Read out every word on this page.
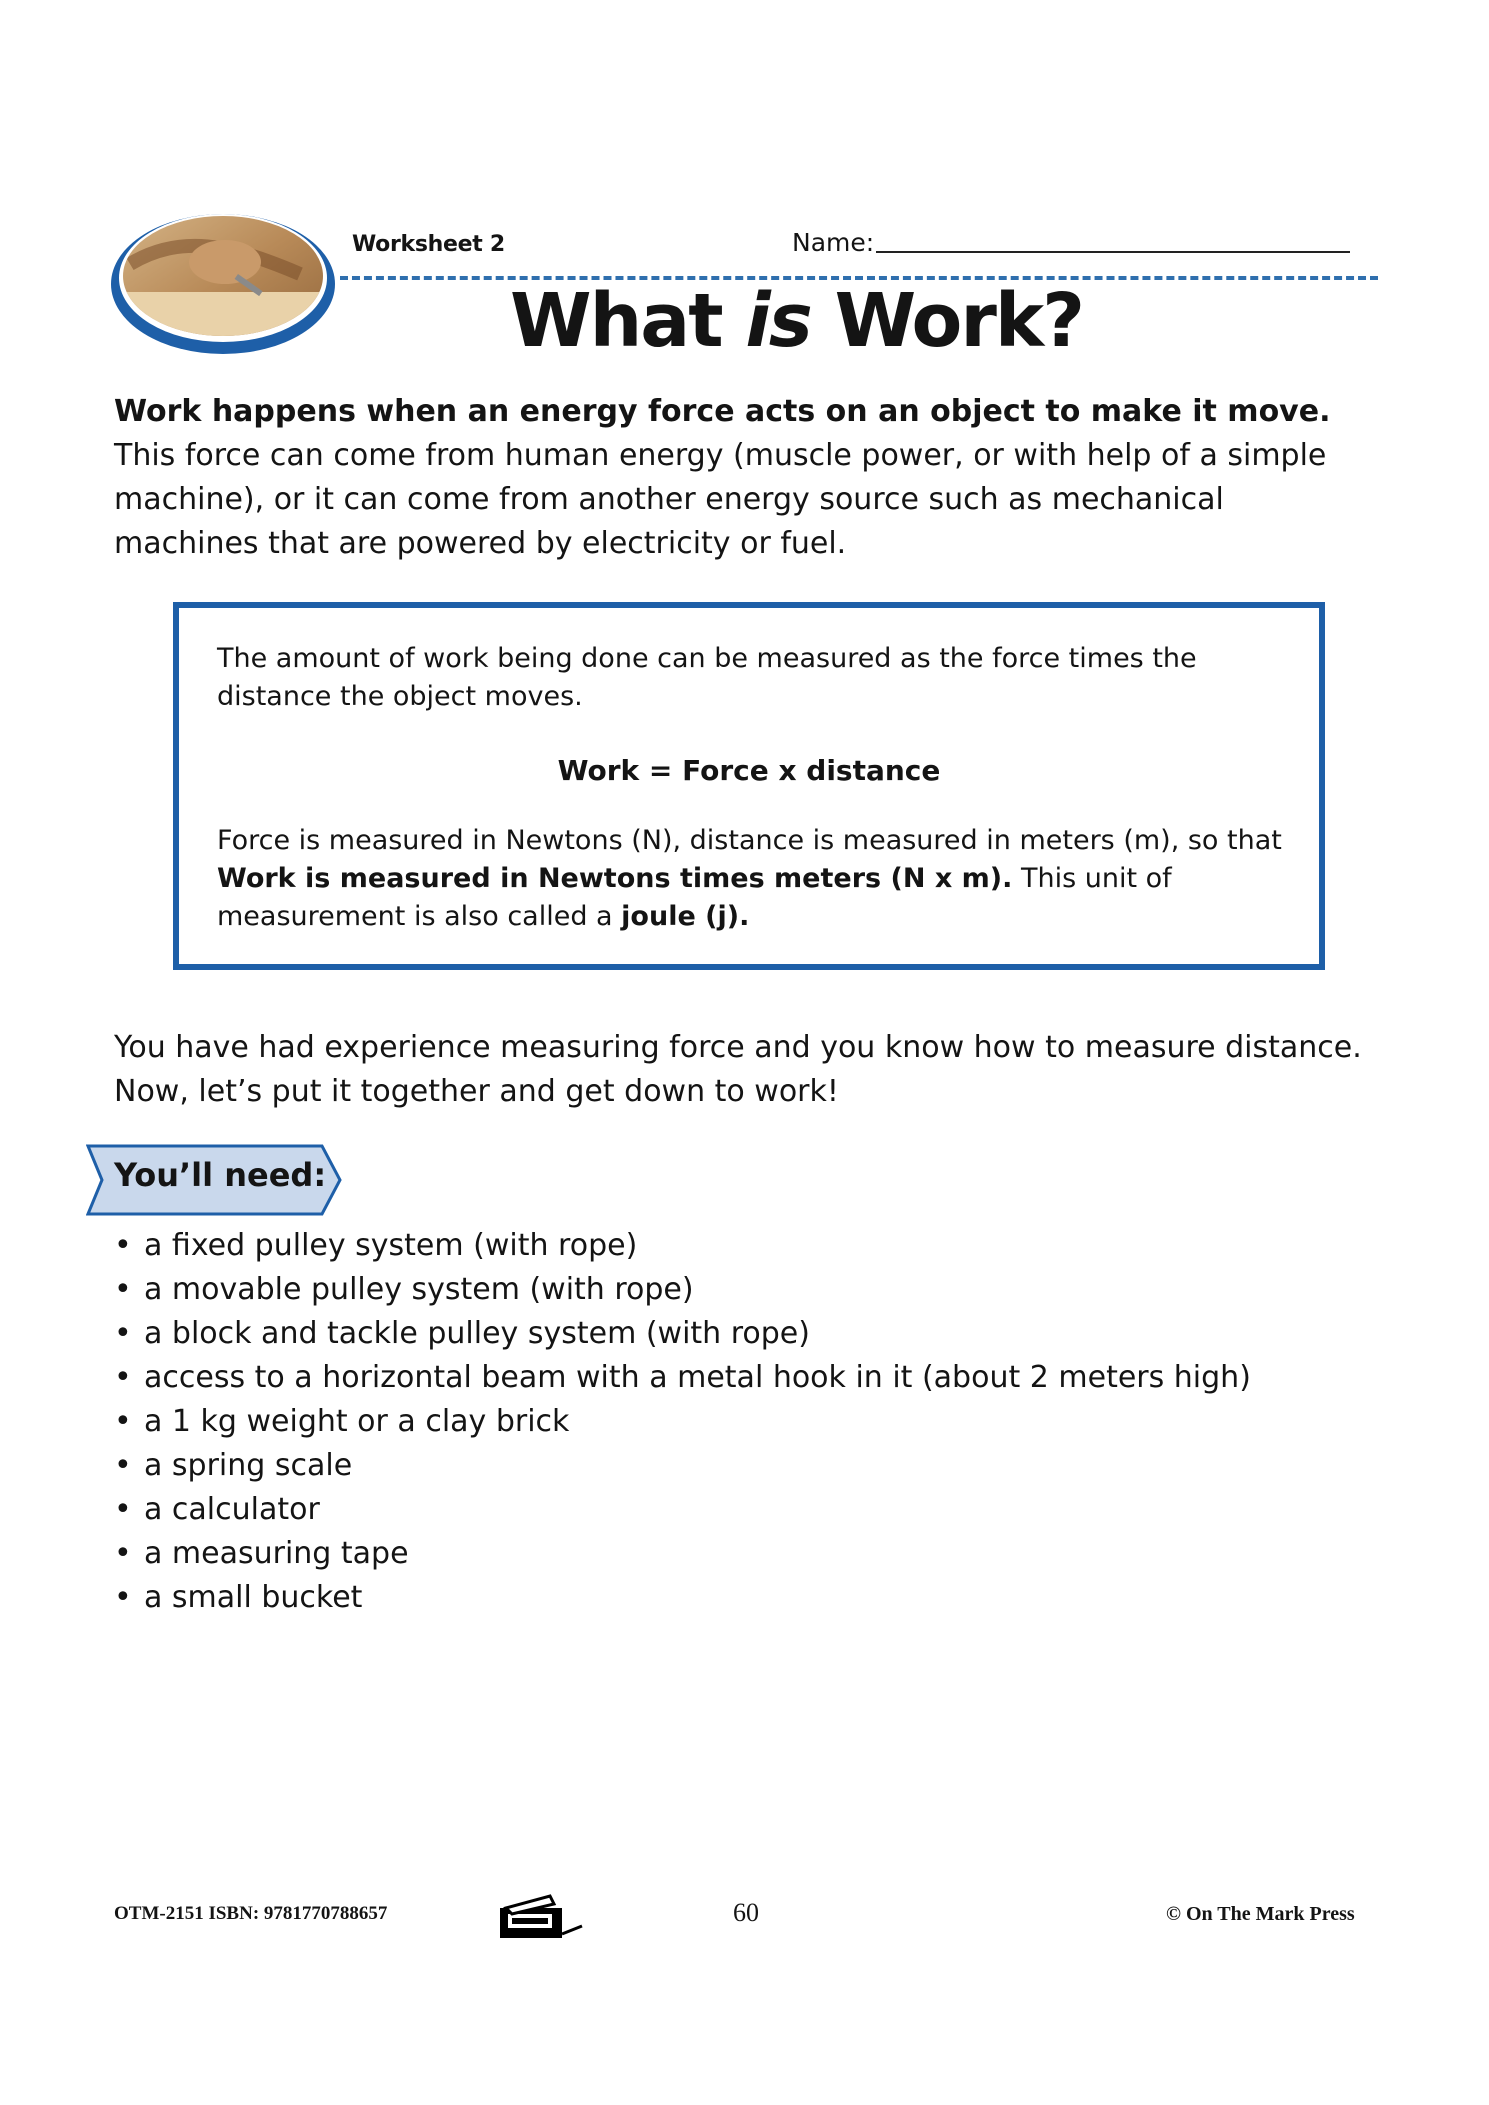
Worksheet 2	Name:
What is Work?
Work happens when an energy force acts on an object to make it move. This force can come from human energy (muscle power, or with help of a simple machine), or it can come from another energy source such as mechanical machines that are powered by electricity or fuel.
The amount of work being done can be measured as the force times the distance the object moves.
Work = Force x distance
Force is measured in Newtons (N), distance is measured in meters (m), so that Work is measured in Newtons times meters (N x m). This unit of measurement is also called a joule (j).
You have had experience measuring force and you know how to measure distance. Now, let’s put it together and get down to work!
You’ll need:
• a fixed pulley system (with rope)
• a movable pulley system (with rope)
• a block and tackle pulley system (with rope)
• access to a horizontal beam with a metal hook in it (about 2 meters high)
• a 1 kg weight or a clay brick
• a spring scale
• a calculator
• a measuring tape
• a small bucket
OTM-2151 ISBN: 9781770788657	60	© On The Mark Press
